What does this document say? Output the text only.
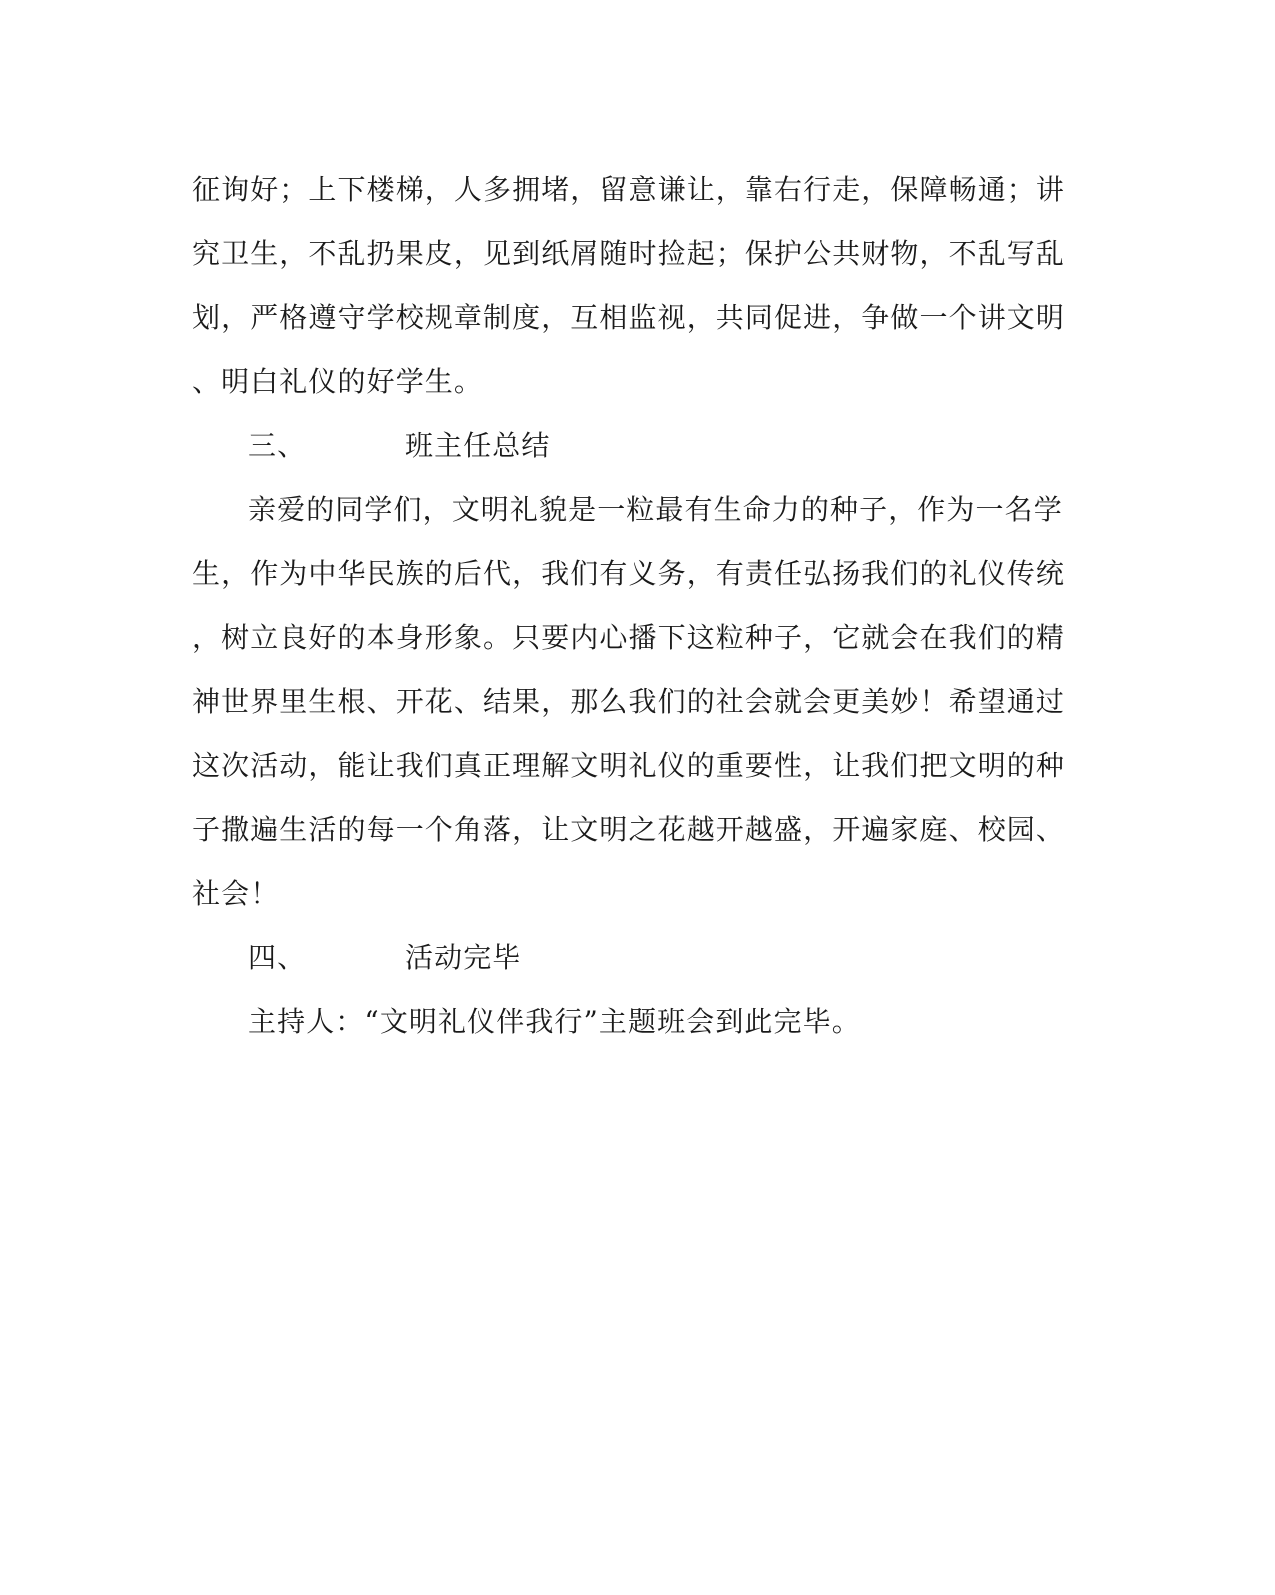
征询好；上下楼梯，人多拥堵，留意谦让，靠右行走，保障畅通；讲
究卫生，不乱扔果皮，见到纸屑随时捡起；保护公共财物，不乱写乱
划，严格遵守学校规章制度，互相监视，共同促进，争做一个讲文明
、明白礼仪的好学生。
三、	班主任总结
亲爱的同学们，文明礼貌是一粒最有生命力的种子，作为一名学
生，作为中华民族的后代，我们有义务，有责任弘扬我们的礼仪传统
，树立良好的本身形象。只要内心播下这粒种子，它就会在我们的精
神世界里生根、开花、结果，那么我们的社会就会更美妙！希望通过
这次活动，能让我们真正理解文明礼仪的重要性，让我们把文明的种
子撒遍生活的每一个角落，让文明之花越开越盛，开遍家庭、校园、
社会！
四、	活动完毕
主持人：“文明礼仪伴我行”主题班会到此完毕。
